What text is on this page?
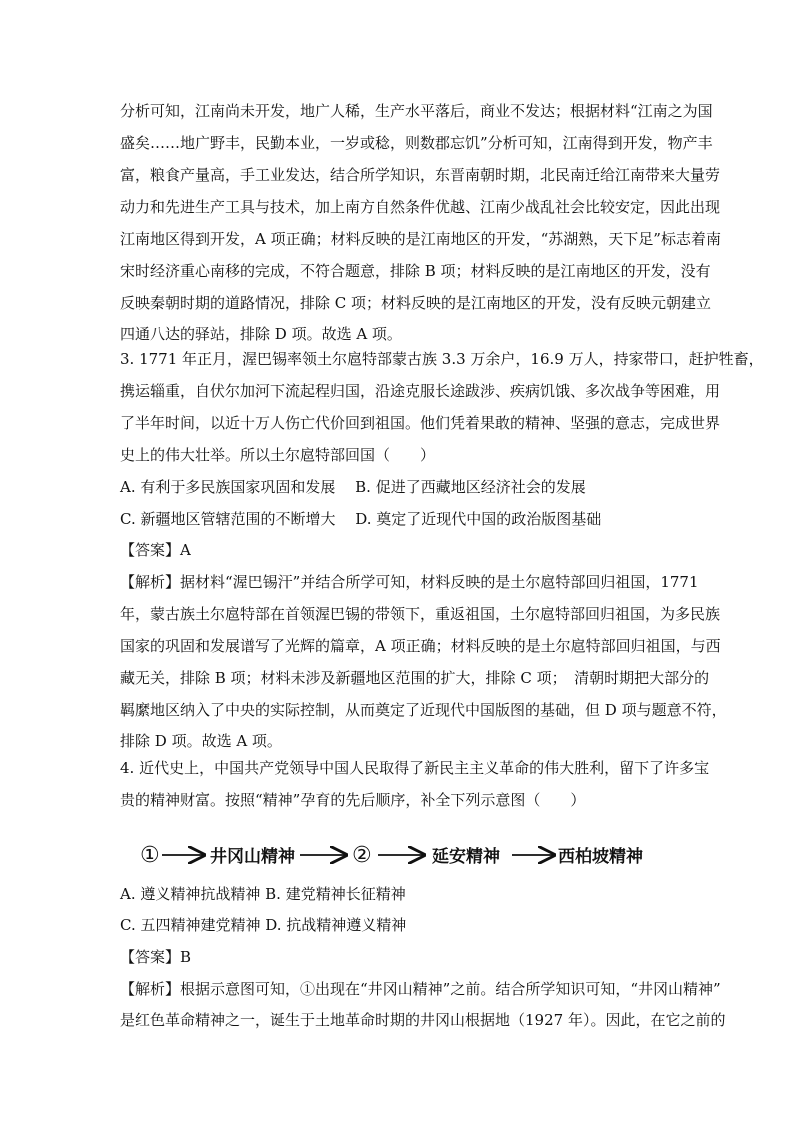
分析可知，江南尚未开发，地广人稀，生产水平落后，商业不发达；根据材料“江南之为国
盛矣……地广野丰，民勤本业，一岁或稔，则数郡忘饥”分析可知，江南得到开发，物产丰
富，粮食产量高，手工业发达，结合所学知识，东晋南朝时期，北民南迁给江南带来大量劳
动力和先进生产工具与技术，加上南方自然条件优越、江南少战乱社会比较安定，因此出现
江南地区得到开发，A 项正确；材料反映的是江南地区的开发，“苏湖熟，天下足”标志着南
宋时经济重心南移的完成，不符合题意，排除 B 项；材料反映的是江南地区的开发，没有
反映秦朝时期的道路情况，排除 C 项；材料反映的是江南地区的开发，没有反映元朝建立
四通八达的驿站，排除 D 项。故选 A 项。
3. 1771 年正月，渥巴锡率领土尔扈特部蒙古族 3.3 万余户，16.9 万人，持家带口，赶护牲畜，
携运辎重，自伏尔加河下流起程归国，沿途克服长途跋涉、疾病饥饿、多次战争等困难，用
了半年时间，以近十万人伤亡代价回到祖国。他们凭着果敢的精神、坚强的意志，完成世界
史上的伟大壮举。所以土尔扈特部回国（　　）
A. 有利于多民族国家巩固和发展　 B. 促进了西藏地区经济社会的发展
C. 新疆地区管辖范围的不断增大　 D. 奠定了近现代中国的政治版图基础
【答案】A
【解析】据材料“渥巴锡汗”并结合所学可知，材料反映的是土尔扈特部回归祖国，1771
年，蒙古族土尔扈特部在首领渥巴锡的带领下，重返祖国，土尔扈特部回归祖国，为多民族
国家的巩固和发展谱写了光辉的篇章，A 项正确；材料反映的是土尔扈特部回归祖国，与西
藏无关，排除 B 项；材料未涉及新疆地区范围的扩大，排除 C 项；　清朝时期把大部分的
羁縻地区纳入了中央的实际控制，从而奠定了近现代中国版图的基础，但 D 项与题意不符，
排除 D 项。故选 A 项。
4. 近代史上，中国共产党领导中国人民取得了新民主主义革命的伟大胜利，留下了许多宝
贵的精神财富。按照“精神”孕育的先后顺序，补全下列示意图（　　）
①	井冈山精神	②	延安精神	西柏坡精神
A. 遵义精神抗战精神 B. 建党精神长征精神
C. 五四精神建党精神 D. 抗战精神遵义精神
【答案】B
【解析】根据示意图可知，①出现在“井冈山精神”之前。结合所学知识可知，“井冈山精神”
是红色革命精神之一，诞生于土地革命时期的井冈山根据地（1927 年）。因此，在它之前的
